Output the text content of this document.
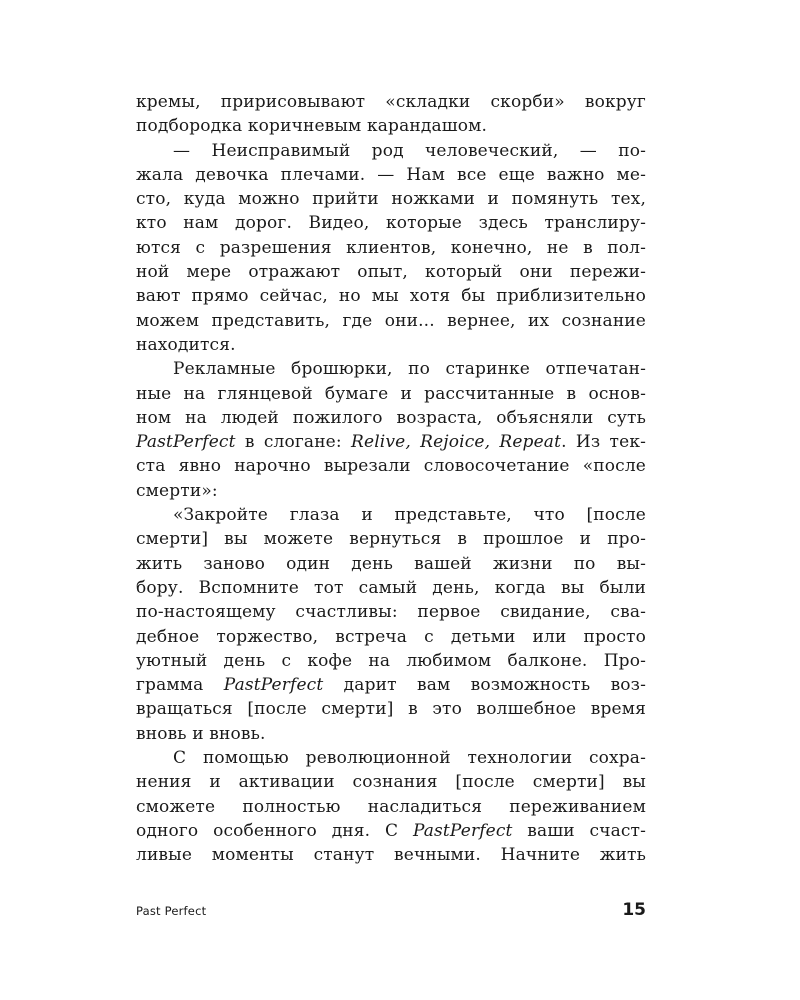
кремы, пририсовывают «складки скорби» вокруг
подбородка коричневым карандашом.
— Неисправимый род человеческий, — по-
жала девочка плечами. — Нам все еще важно ме-
сто, куда можно прийти ножками и помянуть тех,
кто нам дорог. Видео, которые здесь транслиру-
ются с разрешения клиентов, конечно, не в пол-
ной мере отражают опыт, который они пережи-
вают прямо сейчас, но мы хотя бы приблизительно
можем представить, где они... вернее, их сознание
находится.
Рекламные брошюрки, по старинке отпечатан-
ные на глянцевой бумаге и рассчитанные в основ-
ном на людей пожилого возраста, объясняли суть
PastPerfect в слогане: Relive, Rejoice, Repeat. Из тек-
ста явно нарочно вырезали словосочетание «после
смерти»:
«Закройте глаза и представьте, что [после
смерти] вы можете вернуться в прошлое и про-
жить заново один день вашей жизни по вы-
бору. Вспомните тот самый день, когда вы были
по-настоящему счастливы: первое свидание, сва-
дебное торжество, встреча с детьми или просто
уютный день с кофе на любимом балконе. Про-
грамма PastPerfect дарит вам возможность воз-
вращаться [после смерти] в это волшебное время
вновь и вновь.
С помощью революционной технологии сохра-
нения и активации сознания [после смерти] вы
сможете полностью насладиться переживанием
одного особенного дня. С PastPerfect ваши счаст-
ливые моменты станут вечными. Начните жить
Past Perfect	15
